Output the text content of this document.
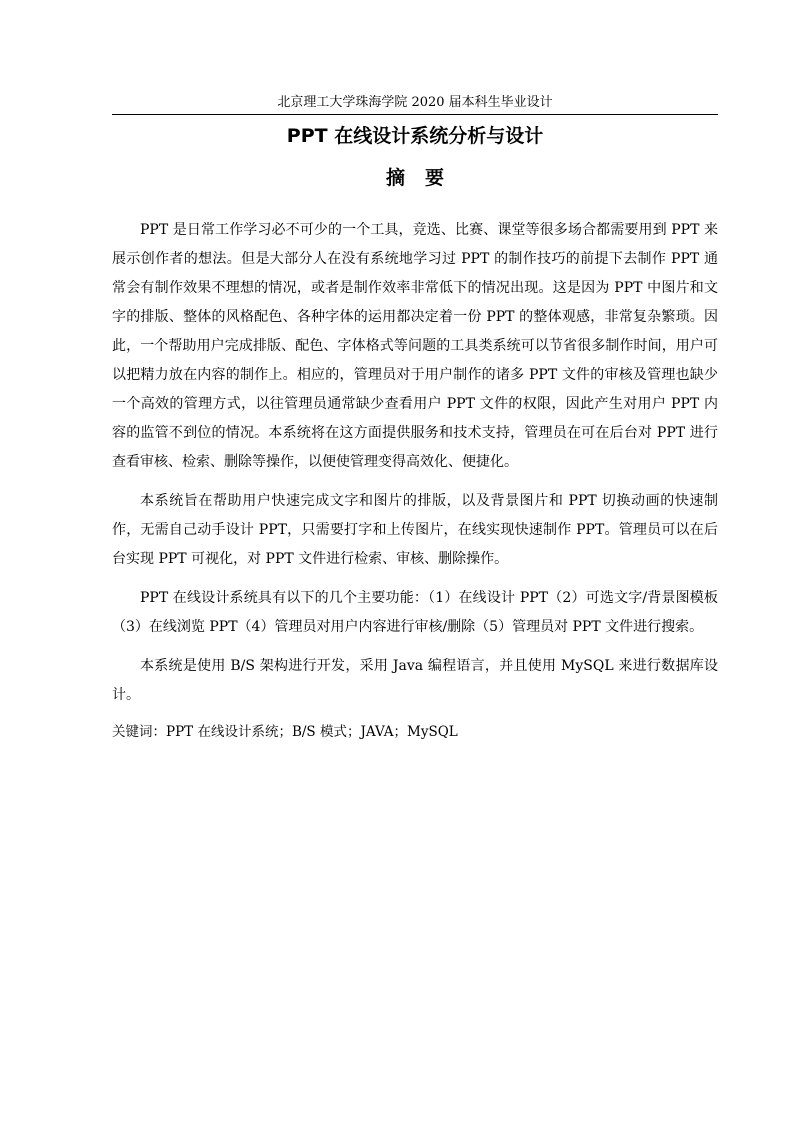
北京理工大学珠海学院 2020 届本科生毕业设计
PPT 在线设计系统分析与设计
摘要

PPT 是日常工作学习必不可少的一个工具，竞选、比赛、课堂等很多场合都需要用到 PPT 来展示创作者的想法。但是大部分人在没有系统地学习过 PPT 的制作技巧的前提下去制作 PPT 通常会有制作效果不理想的情况，或者是制作效率非常低下的情况出现。这是因为 PPT 中图片和文字的排版、整体的风格配色、各种字体的运用都决定着一份 PPT 的整体观感，非常复杂繁琐。因此，一个帮助用户完成排版、配色、字体格式等问题的工具类系统可以节省很多制作时间，用户可以把精力放在内容的制作上。相应的，管理员对于用户制作的诸多 PPT 文件的审核及管理也缺少一个高效的管理方式，以往管理员通常缺少查看用户 PPT 文件的权限，因此产生对用户 PPT 内容的监管不到位的情况。本系统将在这方面提供服务和技术支持，管理员在可在后台对 PPT 进行查看审核、检索、删除等操作，以便使管理变得高效化、便捷化。

本系统旨在帮助用户快速完成文字和图片的排版，以及背景图片和 PPT 切换动画的快速制作，无需自己动手设计 PPT，只需要打字和上传图片，在线实现快速制作 PPT。管理员可以在后台实现 PPT 可视化，对 PPT 文件进行检索、审核、删除操作。

PPT 在线设计系统具有以下的几个主要功能：（1）在线设计 PPT（2）可选文字/背景图模板（3）在线浏览 PPT（4）管理员对用户内容进行审核/删除（5）管理员对 PPT 文件进行搜索。

本系统是使用 B/S 架构进行开发，采用 Java 编程语言，并且使用 MySQL 来进行数据库设计。

关键词：PPT 在线设计系统；B/S 模式；JAVA；MySQL
